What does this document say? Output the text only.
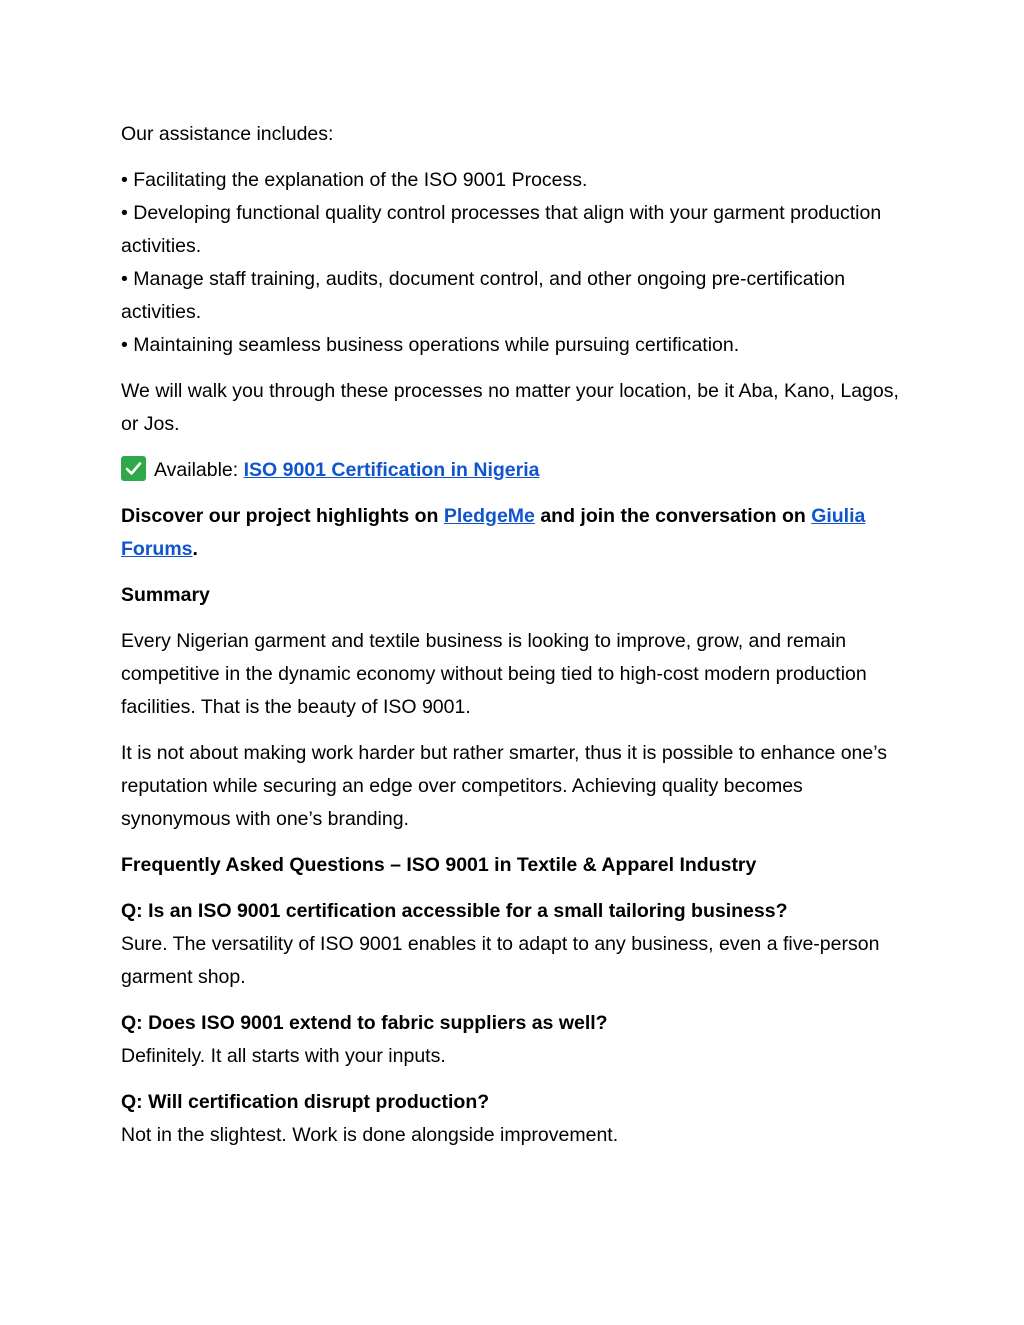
Our assistance includes:

• Facilitating the explanation of the ISO 9001 Process.
• Developing functional quality control processes that align with your garment production activities.
• Manage staff training, audits, document control, and other ongoing pre-certification activities.
• Maintaining seamless business operations while pursuing certification.

We will walk you through these processes no matter your location, be it Aba, Kano, Lagos, or Jos.

Available: ISO 9001 Certification in Nigeria

Discover our project highlights on PledgeMe and join the conversation on Giulia Forums.

Summary

Every Nigerian garment and textile business is looking to improve, grow, and remain competitive in the dynamic economy without being tied to high-cost modern production facilities. That is the beauty of ISO 9001.

It is not about making work harder but rather smarter, thus it is possible to enhance one’s reputation while securing an edge over competitors. Achieving quality becomes synonymous with one’s branding.

Frequently Asked Questions – ISO 9001 in Textile & Apparel Industry

Q: Is an ISO 9001 certification accessible for a small tailoring business?
Sure. The versatility of ISO 9001 enables it to adapt to any business, even a five-person garment shop.
Q: Does ISO 9001 extend to fabric suppliers as well?
Definitely. It all starts with your inputs.
Q: Will certification disrupt production?
Not in the slightest. Work is done alongside improvement.
